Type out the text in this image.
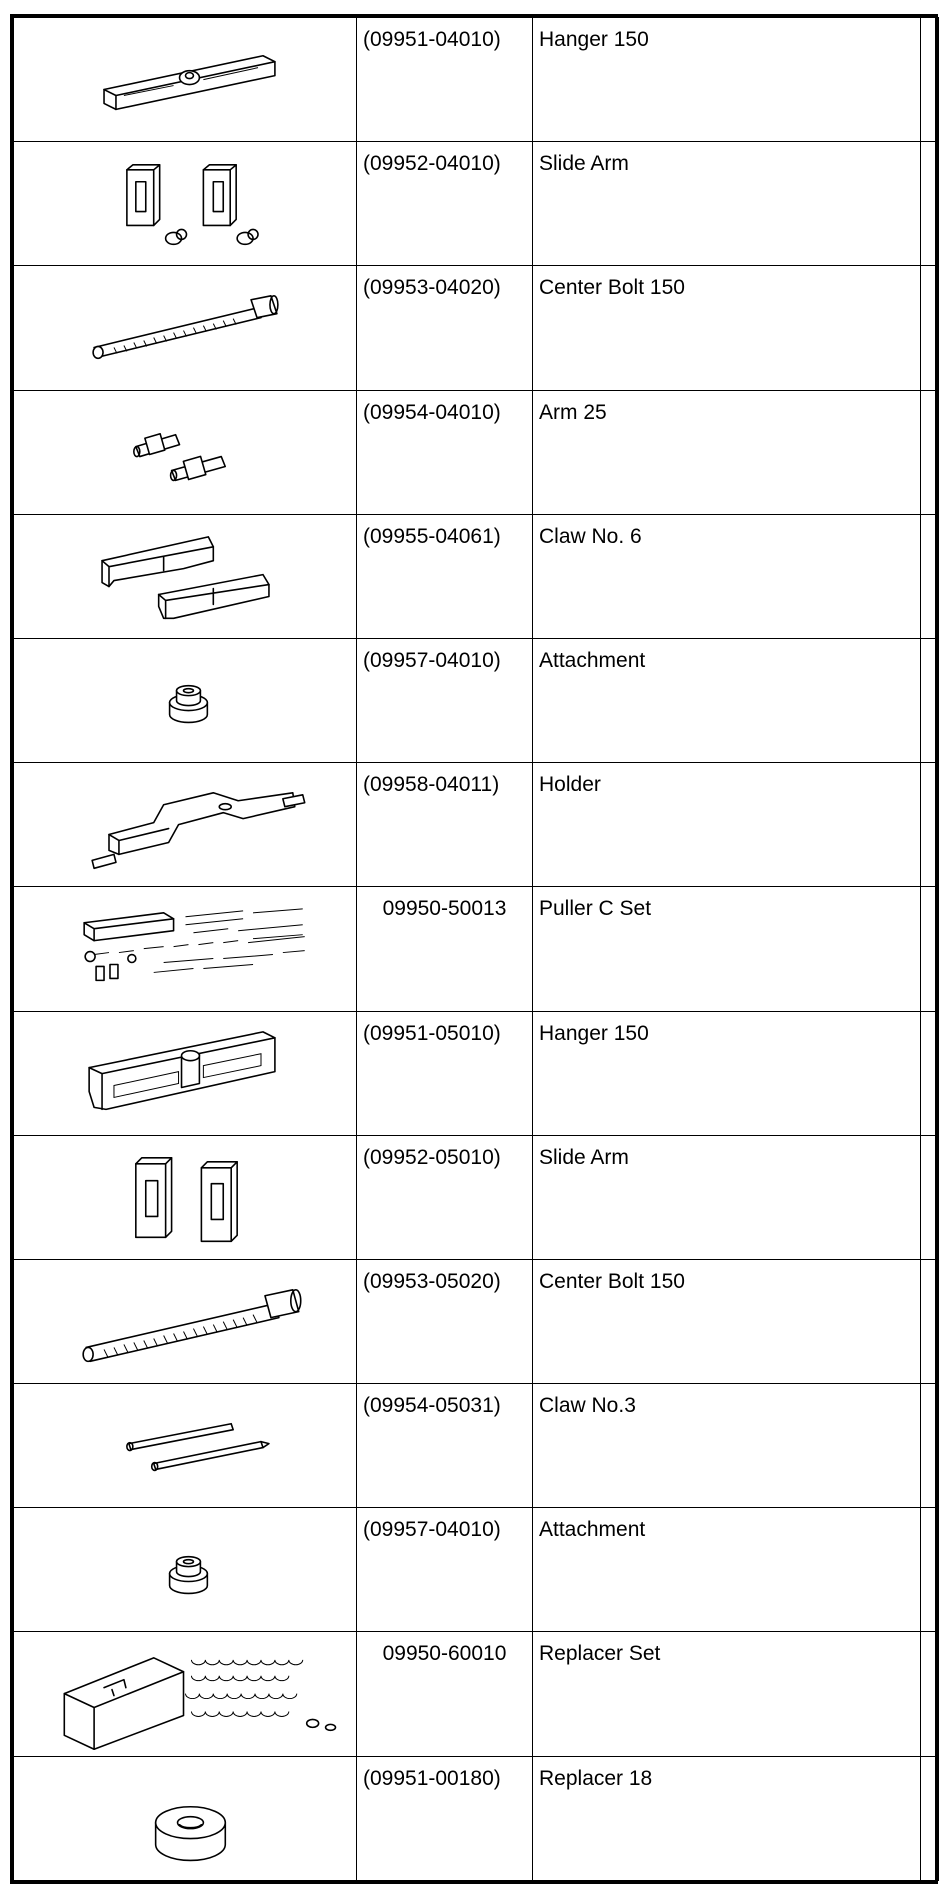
	(09951-04010)	Hanger 150	

	(09952-04010)	Slide Arm	

	(09953-04020)	Center Bolt 150	

	(09954-04010)	Arm 25	

	(09955-04061)	Claw No. 6	

	(09957-04010)	Attachment	

	(09958-04011)	Holder	

	09950-50013	Puller C Set	

	(09951-05010)	Hanger 150	

	(09952-05010)	Slide Arm	

	(09953-05020)	Center Bolt 150	

	(09954-05031)	Claw No.3	

	(09957-04010)	Attachment	

	09950-60010	Replacer Set	

	(09951-00180)	Replacer 18	
